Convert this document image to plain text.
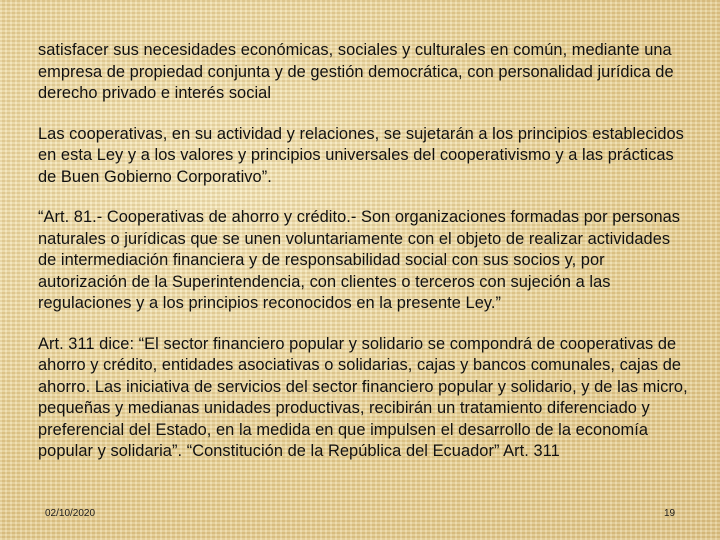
satisfacer sus necesidades económicas, sociales y culturales en común, mediante una empresa de propiedad conjunta y de gestión democrática, con personalidad jurídica de derecho privado e interés social

Las cooperativas, en su actividad y relaciones, se sujetarán a los principios establecidos en esta Ley y a los valores y principios universales del cooperativismo y a las prácticas de Buen Gobierno Corporativo”.

“Art. 81.- Cooperativas de ahorro y crédito.- Son organizaciones formadas por personas naturales o jurídicas que se unen voluntariamente con el objeto de realizar actividades de intermediación financiera y de responsabilidad social con sus socios y, por autorización de la Superintendencia, con clientes o terceros con sujeción a las regulaciones y a los principios reconocidos en la presente Ley.”

Art. 311 dice: “El sector financiero popular y solidario se compondrá de cooperativas de ahorro y crédito, entidades asociativas o solidarias, cajas y bancos comunales, cajas de ahorro. Las iniciativa de servicios del sector financiero popular y solidario, y de las micro, pequeñas y medianas unidades productivas, recibirán un tratamiento diferenciado y preferencial del Estado, en la medida en que impulsen el desarrollo de la economía popular y solidaria”. “Constitución de la República del Ecuador” Art. 311

02/10/2020	19
